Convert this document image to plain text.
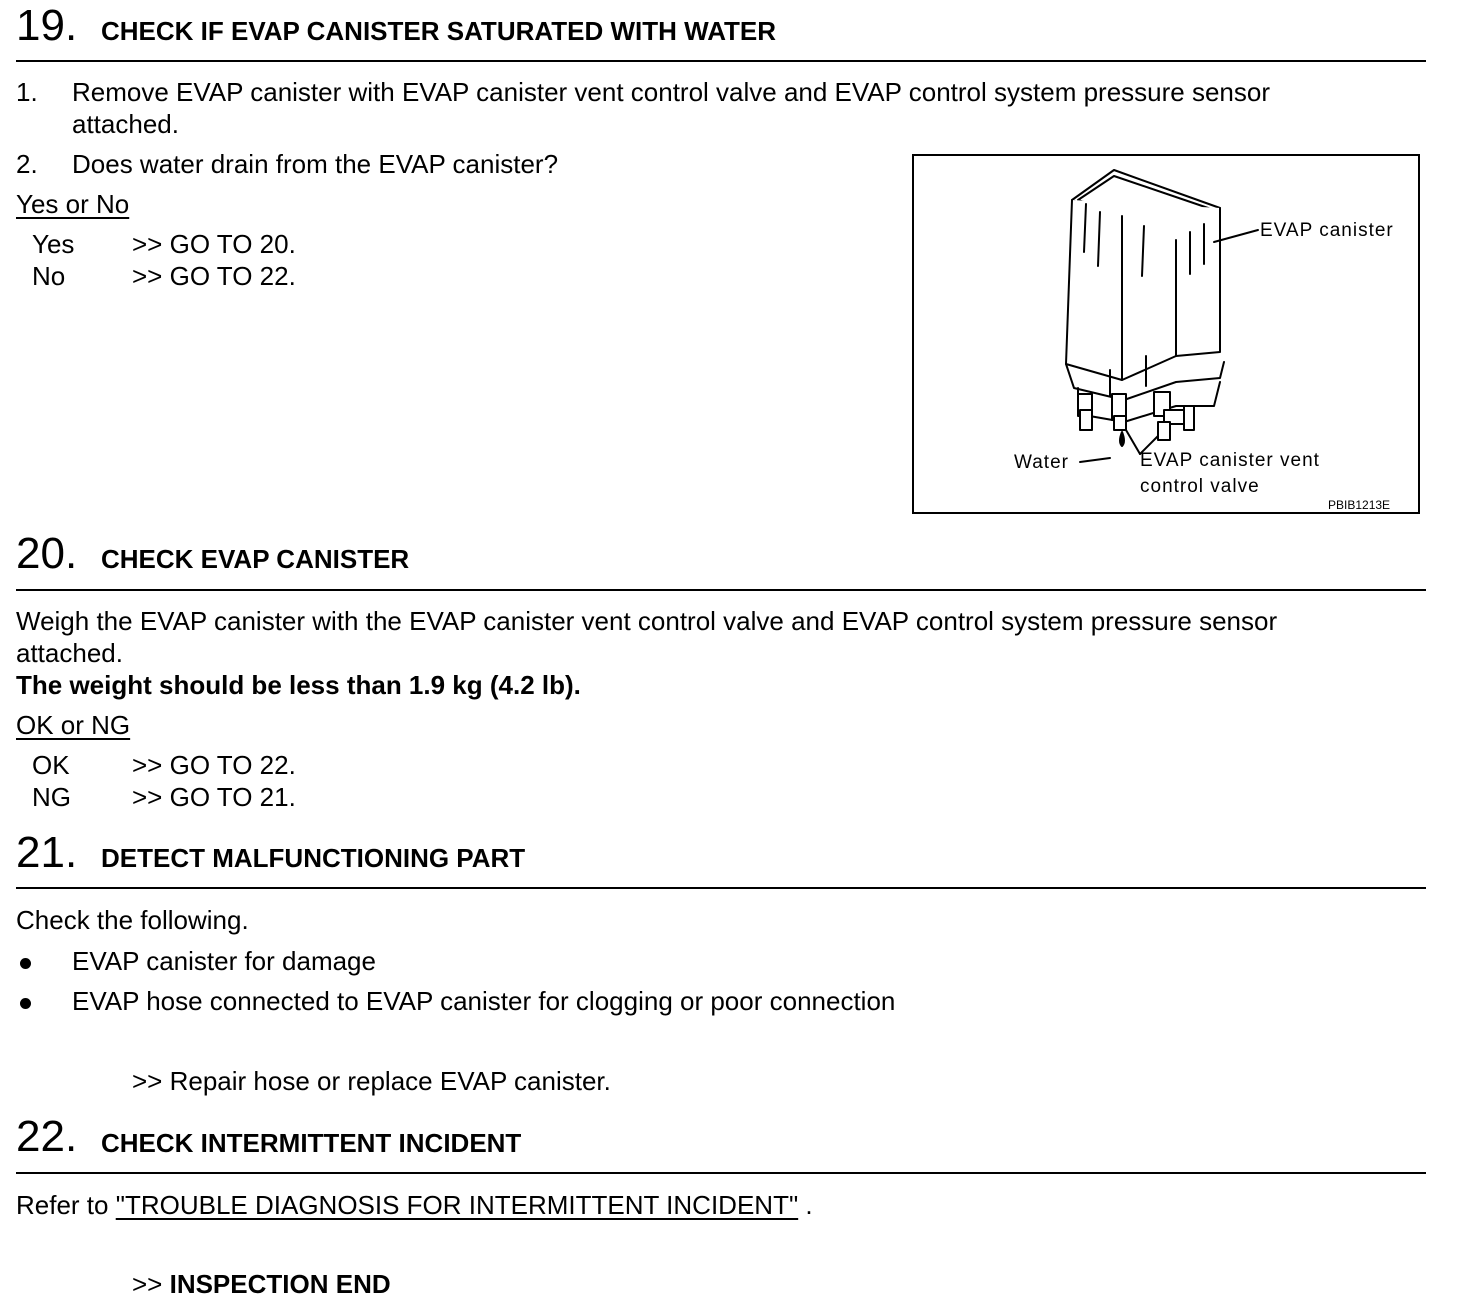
19. CHECK IF EVAP CANISTER SATURATED WITH WATER
1. Remove EVAP canister with EVAP canister vent control valve and EVAP control system pressure sensor
attached.
2. Does water drain from the EVAP canister?
Yes or No
Yes >> GO TO 20.
No	>> GO TO 22.
EVAP canister
Water	EVAP canister vent
control valve
PBIB1213E
20. CHECK EVAP CANISTER
Weigh the EVAP canister with the EVAP canister vent control valve and EVAP control system pressure sensor
attached.
The weight should be less than 1.9 kg (4.2 lb).
OK or NG
OK >> GO TO 22.
NG >> GO TO 21.
21. DETECT MALFUNCTIONING PART
Check the following.
EVAP canister for damage
EVAP hose connected to EVAP canister for clogging or poor connection
>> Repair hose or replace EVAP canister.
22. CHECK INTERMITTENT INCIDENT
Refer to "TROUBLE DIAGNOSIS FOR INTERMITTENT INCIDENT" .
>> INSPECTION END
